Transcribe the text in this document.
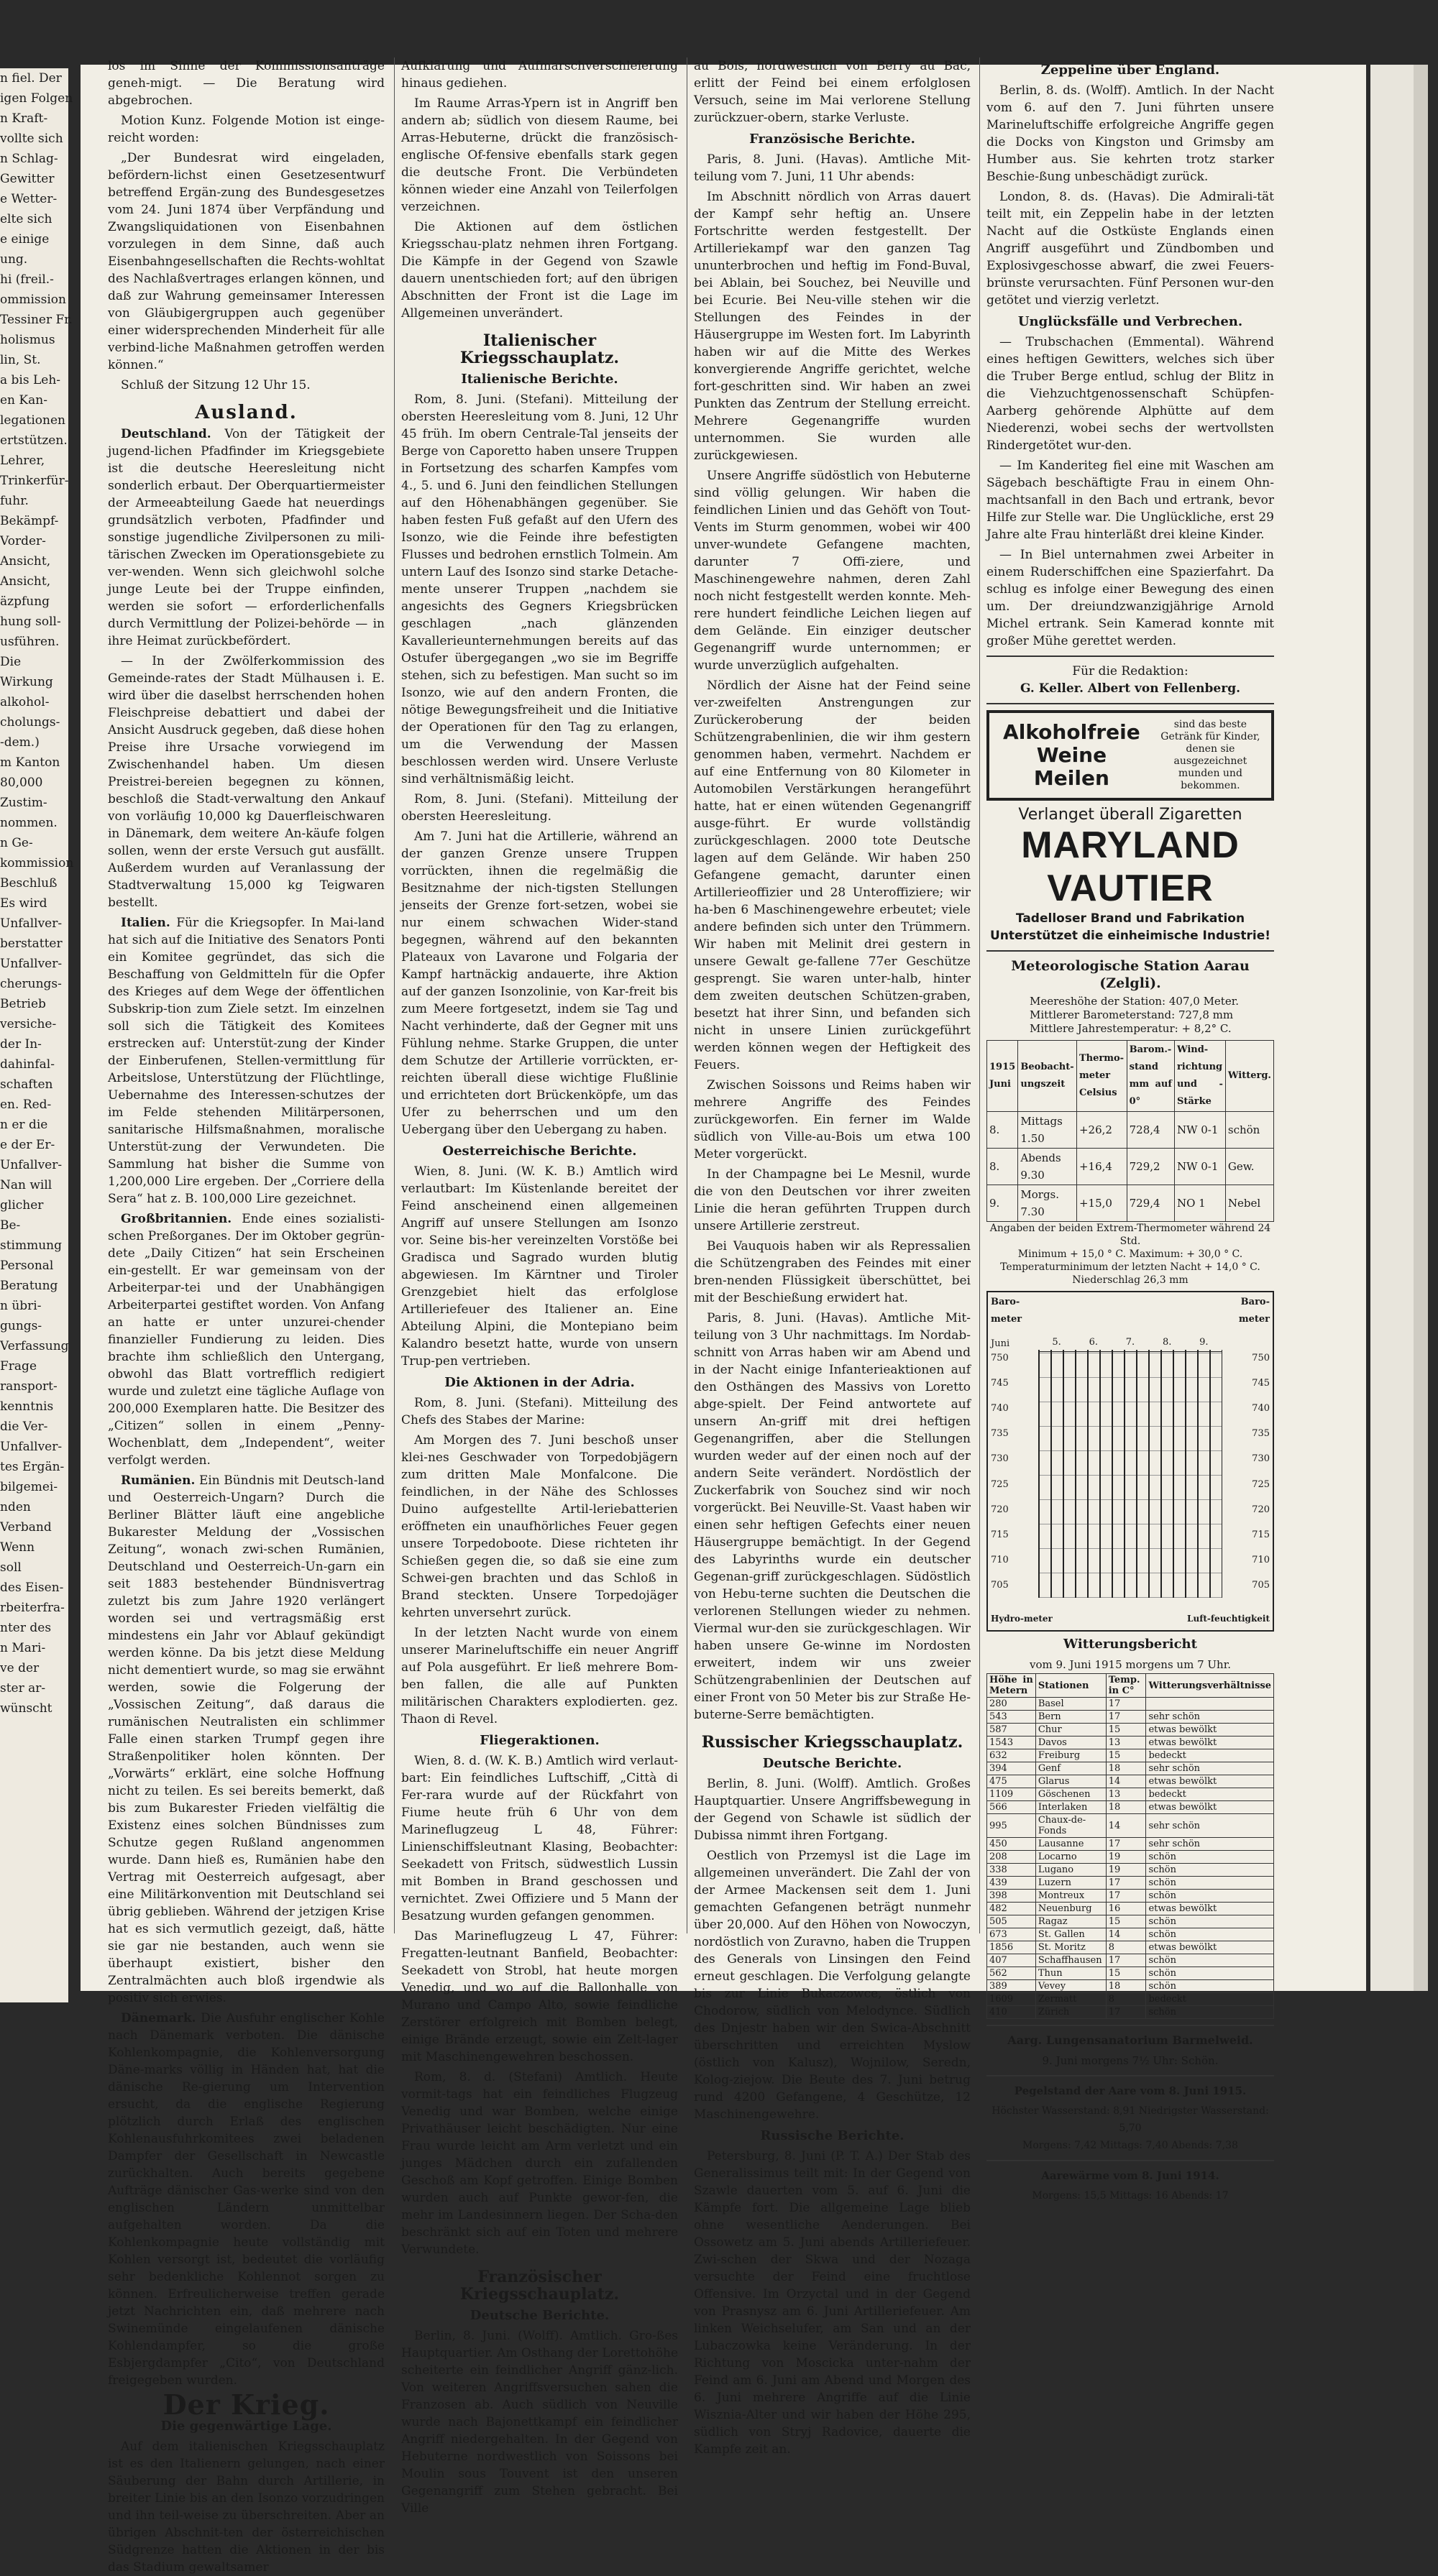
n fiel. Der

igen Folgen

n Kraft-

vollte sich

n Schlag-

Gewitter

e Wetter-

elte sich

e einige

ung.

hi (freil.-

ommission

Tessiner Fr.

holismus

lin, St.

a bis Leh-

en Kan-

legationen

ertstützen.

Lehrer,

Trinkerfür-

fuhr.

Bekämpf-

Vorder-

Ansicht,

Ansicht,

äzpfung

hung soll-

usführen.

Die

Wirkung

alkohol-

cholungs-

-dem.)

m Kanton

80,000

Zustim-

nommen.

n Ge-

kommission

Beschluß

Es wird

Unfallver-

berstatter

Unfallver-

cherungs-

Betrieb

versiche-

der In-

dahinfal-

schaften

en. Red-

n er die

e der Er-

Unfallver-

Nan will

glicher

Be-

stimmung

Personal

Beratung

n übri-

gungs-

Verfassung

Frage

ransport-

kenntnis

die Ver-

Unfallver-

tes Ergän-

bilgemei-

nden

Verband

Wenn

soll

des Eisen-

rbeiterfra-

nter des

n Mari-

ve der

ster ar-

wünscht

los im Sinne der Kommissionsanträge geneh-migt. — Die Beratung wird abgebrochen.

Motion Kunz. Folgende Motion ist einge-reicht worden:

„Der Bundesrat wird eingeladen, befördern-lichst einen Gesetzesentwurf betreffend Ergän-zung des Bundesgesetzes vom 24. Juni 1874 über Verpfändung und Zwangsliquidationen von Eisenbahnen vorzulegen in dem Sinne, daß auch Eisenbahngesellschaften die Rechts-wohltat des Nachlaßvertrages erlangen können, und daß zur Wahrung gemeinsamer Interessen von Gläubigergruppen auch gegenüber einer widersprechenden Minderheit für alle verbind-liche Maßnahmen getroffen werden können.“

Schluß der Sitzung 12 Uhr 15.

Ausland.

Deutschland. Von der Tätigkeit der jugend-lichen Pfadfinder im Kriegsgebiete ist die deutsche Heeresleitung nicht sonderlich erbaut. Der Oberquartiermeister der Armeeabteilung Gaede hat neuerdings grundsätzlich verboten, Pfadfinder und sonstige jugendliche Zivilpersonen zu mili-tärischen Zwecken im Operationsgebiete zu ver-wenden. Wenn sich gleichwohl solche junge Leute bei der Truppe einfinden, werden sie sofort — erforderlichenfalls durch Vermittlung der Polizei-behörde — in ihre Heimat zurückbefördert.

— In der Zwölferkommission des Gemeinde-rates der Stadt Mülhausen i. E. wird über die daselbst herrschenden hohen Fleischpreise debattiert und dabei der Ansicht Ausdruck gegeben, daß diese hohen Preise ihre Ursache vorwiegend im Zwischenhandel haben. Um diesen Preistrei-bereien begegnen zu können, beschloß die Stadt-verwaltung den Ankauf von vorläufig 10,000 kg Dauerfleischwaren in Dänemark, dem weitere An-käufe folgen sollen, wenn der erste Versuch gut ausfällt. Außerdem wurden auf Veranlassung der Stadtverwaltung 15,000 kg Teigwaren bestellt.

Italien. Für die Kriegsopfer. In Mai-land hat sich auf die Initiative des Senators Ponti ein Komitee gegründet, das sich die Beschaffung von Geldmitteln für die Opfer des Krieges auf dem Wege der öffentlichen Subskrip-tion zum Ziele setzt. Im einzelnen soll sich die Tätigkeit des Komitees erstrecken auf: Unterstüt-zung der Kinder der Einberufenen, Stellen-vermittlung für Arbeitslose, Unterstützung der Flüchtlinge, Uebernahme des Interessen-schutzes der im Felde stehenden Militärpersonen, sanitarische Hilfsmaßnahmen, moralische Unterstüt-zung der Verwundeten. Die Sammlung hat bisher die Summe von 1,200,000 Lire ergeben. Der „Corriere della Sera“ hat z. B. 100,000 Lire gezeichnet.

Großbritannien. Ende eines sozialisti-schen Preßorganes. Der im Oktober gegrün-dete „Daily Citizen“ hat sein Erscheinen ein-gestellt. Er war gemeinsam von der Arbeiterpar-tei und der Unabhängigen Arbeiterpartei gestiftet worden. Von Anfang an hatte er unter unzurei-chender finanzieller Fundierung zu leiden. Dies brachte ihm schließlich den Untergang, obwohl das Blatt vortrefflich redigiert wurde und zuletzt eine tägliche Auflage von 200,000 Exemplaren hatte. Die Besitzer des „Citizen“ sollen in einem „Penny-Wochenblatt, dem „Independent“, weiter verfolgt werden.

Rumänien. Ein Bündnis mit Deutsch-land und Oesterreich-Ungarn? Durch die Berliner Blätter läuft eine angebliche Bukarester Meldung der „Vossischen Zeitung“, wonach zwi-schen Rumänien, Deutschland und Oesterreich-Un-garn ein seit 1883 bestehender Bündnisvertrag zuletzt bis zum Jahre 1920 verlängert worden sei und vertragsmäßig erst mindestens ein Jahr vor Ablauf gekündigt werden könne. Da bis jetzt diese Meldung nicht dementiert wurde, so mag sie erwähnt werden, sowie die Folgerung der „Vossischen Zeitung“, daß daraus die rumänischen Neutralisten ein schlimmer Falle einen starken Trumpf gegen ihre Straßenpolitiker holen könnten. Der „Vorwärts“ erklärt, eine solche Hoffnung nicht zu teilen. Es sei bereits bemerkt, daß bis zum Bukarester Frieden vielfältig die Existenz eines solchen Bündnisses zum Schutze gegen Rußland angenommen wurde. Dann hieß es, Rumänien habe den Vertrag mit Oesterreich aufgesagt, aber eine Militärkonvention mit Deutschland sei übrig geblieben. Während der jetzigen Krise hat es sich vermutlich gezeigt, daß, hätte sie gar nie bestanden, auch wenn sie überhaupt existiert, bisher den Zentralmächten auch bloß irgendwie als positiv sich erwies.

Dänemark. Die Ausfuhr englischer Kohle nach Dänemark verboten. Die dänische Kohlenkompagnie, die Kohlenversorgung Däne-marks völlig in Händen hat, hat die dänische Re-gierung um Intervention ersucht, da die englische Regierung plötzlich durch Erlaß des englischen Kohlenausfuhrkomitees zwei beladenen Dampfer der Gesellschaft in Newcastle zurückhalten. Auch bereits gegebene Aufträge dänischer Gas-werke sind von den englischen Ländern unmittelbar aufgehalten worden. Da die Kohlenkompagnie heute vollständig mit Kohlen versorgt ist, bedeutet die vorläufig sehr bedenkliche Kohlennot sorgen zu können. Erfreulicherweise treffen gerade jetzt Nachrichten ein, daß mehrere nach Swinemünde eingelaufenen dänische Kohlendampfer, so die große Esbjergdampfer „Cito“, von Deutschland freigegeben wurden.

Der Krieg.
Die gegenwärtige Lage.

Auf dem italienischen Kriegsschauplatz ist es den Italienern gelungen, nach einer Säuberung der Bahn durch Artillerie, in breiter Linie bis an den Isonzo vorzudringen und ihn teil-weise zu überschreiten. Aber an übrigen Abschnit-ten der österreichischen Südgrenze hatten die Aktionen in der bis das Stadium gewaltsamer

Aufklärung und Aufmarschverschleierung hinaus gediehen.

Im Raume Arras-Ypern ist in Angriff ben andern ab; südlich von diesem Raume, bei Arras-Hebuterne, drückt die französisch-englische Of-fensive ebenfalls stark gegen die deutsche Front. Die Verbündeten können wieder eine Anzahl von Teilerfolgen verzeichnen.

Die Aktionen auf dem östlichen Kriegsschau-platz nehmen ihren Fortgang. Die Kämpfe in der Gegend von Szawle dauern unentschieden fort; auf den übrigen Abschnitten der Front ist die Lage im Allgemeinen unverändert.

Italienischer Kriegsschauplatz.
Italienische Berichte.

Rom, 8. Juni. (Stefani). Mitteilung der obersten Heeresleitung vom 8. Juni, 12 Uhr 45 früh. Im obern Centrale-Tal jenseits der Berge von Caporetto haben unsere Truppen in Fortsetzung des scharfen Kampfes vom 4., 5. und 6. Juni den feindlichen Stellungen auf den Höhenabhängen gegenüber. Sie haben festen Fuß gefaßt auf den Ufern des Isonzo, wie die Feinde ihre befestigten Flusses und bedrohen ernstlich Tolmein. Am untern Lauf des Isonzo sind starke Detache-mente unserer Truppen „nachdem sie angesichts des Gegners Kriegsbrücken geschlagen „nach glänzenden Kavallerieunternehmungen bereits auf das Ostufer übergegangen „wo sie im Begriffe stehen, sich zu befestigen. Man sucht so im Isonzo, wie auf den andern Fronten, die nötige Bewegungsfreiheit und die Initiative der Operationen für den Tag zu erlangen, um die Verwendung der Massen beschlossen werden wird. Unsere Verluste sind verhältnismäßig leicht.

Rom, 8. Juni. (Stefani). Mitteilung der obersten Heeresleitung.

Am 7. Juni hat die Artillerie, während an der ganzen Grenze unsere Truppen vorrückten, ihnen die regelmäßig die Besitznahme der nich-tigsten Stellungen jenseits der Grenze fort-setzen, wobei sie nur einem schwachen Wider-stand begegnen, während auf den bekannten Plateaux von Lavarone und Folgaria der Kampf hartnäckig andauerte, ihre Aktion auf der ganzen Isonzolinie, von Kar-freit bis zum Meere fortgesetzt, indem sie Tag und Nacht verhinderte, daß der Gegner mit uns Fühlung nehme. Starke Gruppen, die unter dem Schutze der Artillerie vorrückten, er-reichten überall diese wichtige Flußlinie und errichteten dort Brückenköpfe, um das Ufer zu beherrschen und um den Uebergang über den Uebergang zu haben.

Oesterreichische Berichte.

Wien, 8. Juni. (W. K. B.) Amtlich wird verlautbart: Im Küstenlande bereitet der Feind anscheinend einen allgemeinen Angriff auf unsere Stellungen am Isonzo vor. Seine bis-her vereinzelten Vorstöße bei Gradisca und Sagrado wurden blutig abgewiesen. Im Kärntner und Tiroler Grenzgebiet hielt das erfolglose Artilleriefeuer des Italiener an. Eine Abteilung Alpini, die Montepiano beim Kalandro besetzt hatte, wurde von unsern Trup-pen vertrieben.

Die Aktionen in der Adria.

Rom, 8. Juni. (Stefani). Mitteilung des Chefs des Stabes der Marine:

Am Morgen des 7. Juni beschoß unser klei-nes Geschwader von Torpedobjägern zum dritten Male Monfalcone. Die feindlichen, in der Nähe des Schlosses Duino aufgestellte Artil-leriebatterien eröffneten ein unaufhörliches Feuer gegen unsere Torpedoboote. Diese richteten ihr Schießen gegen die, so daß sie eine zum Schwei-gen brachten und das Schloß in Brand steckten. Unsere Torpedojäger kehrten unversehrt zurück.

In der letzten Nacht wurde von einem unserer Marineluftschiffe ein neuer Angriff auf Pola ausgeführt. Er ließ mehrere Bom-ben fallen, die alle auf Punkten militärischen Charakters explodierten. gez. Thaon di Revel.

Fliegeraktionen.

Wien, 8. d. (W. K. B.) Amtlich wird verlaut-bart: Ein feindliches Luftschiff, „Città di Fer-rara wurde auf der Rückfahrt von Fiume heute früh 6 Uhr von dem Marineflugzeug L 48, Führer: Linienschiffsleutnant Klasing, Beobachter: Seekadett von Fritsch, südwestlich Lussin mit Bomben in Brand geschossen und vernichtet. Zwei Offiziere und 5 Mann der Besatzung wurden gefangen genommen.

Das Marineflugzeug L 47, Führer: Fregatten-leutnant Banfield, Beobachter: Seekadett von Strobl, hat heute morgen Venedig, und wo auf die Ballonhalle von Murano und Campo Alto, sowie feindliche Zerstörer erfolgreich mit Bomben belegt, einige Brände erzeugt, sowie ein Zelt-lager mit Maschinengewehren beschossen.

Rom, 8. d. (Stefani) Amtlich. Heute vormit-tags hat ein feindliches Flugzeug Venedig und war Bomben, welche einige Privathäuser leicht beschädigten. Nur eine Frau wurde leicht am Arm verletzt und ein junges Mädchen durch ein zufallenden Geschoß am Kopf getroffen. Einige Bomben wurden auch auf Punkte gewor-fen, die mehr im Landesinnern liegen. Der Scha-den beschränkt sich auf ein Toten und mehrere Verwundete.

Französischer Kriegsschauplatz.
Deutsche Berichte.

Berlin, 8. Juni. (Wolff). Amtlich. Gro-ßes Hauptquartier. Am Osthang der Lorettohöhe scheiterte ein feindlicher Angriff gänz-lich. Von weiteren Angriffsversuchen sahen die Franzosen ab. Auch südlich von Neuville wurde nach Bajonettkampf ein feindlicher Angriff niedergehalten. In der Gegend von Hebuterne nordwestlich von Soissons bei Moulin sous Touvent ist den unseren Gegenangriff zum Stehen gebracht. Bei Ville

au Bois, nordwestlich von Berry au Bac, erlitt der Feind bei einem erfolglosen Versuch, seine im Mai verlorene Stellung zurückzuer-obern, starke Verluste.

Französische Berichte.

Paris, 8. Juni. (Havas). Amtliche Mit-teilung vom 7. Juni, 11 Uhr abends:

Im Abschnitt nördlich von Arras dauert der Kampf sehr heftig an. Unsere Fortschritte werden festgestellt. Der Artilleriekampf war den ganzen Tag ununterbrochen und heftig im Fond-Buval, bei Ablain, bei Souchez, bei Neuville und bei Ecurie. Bei Neu-ville stehen wir die Stellungen des Feindes in der Häusergruppe im Westen fort. Im Labyrinth haben wir auf die Mitte des Werkes konvergierende Angriffe gerichtet, welche fort-geschritten sind. Wir haben an zwei Punkten das Zentrum der Stellung erreicht. Mehrere Gegenangriffe wurden unternommen. Sie wurden alle zurückgewiesen.

Unsere Angriffe südöstlich von Hebuterne sind völlig gelungen. Wir haben die feindlichen Linien und das Gehöft von Tout-Vents im Sturm genommen, wobei wir 400 unver-wundete Gefangene machten, darunter 7 Offi-ziere, und Maschinengewehre nahmen, deren Zahl noch nicht festgestellt werden konnte. Meh-rere hundert feindliche Leichen liegen auf dem Gelände. Ein einziger deutscher Gegenangriff wurde unternommen; er wurde unverzüglich aufgehalten.

Nördlich der Aisne hat der Feind seine ver-zweifelten Anstrengungen zur Zurückeroberung der beiden Schützengrabenlinien, die wir ihm gestern genommen haben, vermehrt. Nachdem er auf eine Entfernung von 80 Kilometer in Automobilen Verstärkungen herangeführt hatte, hat er einen wütenden Gegenangriff ausge-führt. Er wurde vollständig zurückgeschlagen. 2000 tote Deutsche lagen auf dem Gelände. Wir haben 250 Gefangene gemacht, darunter einen Artillerieoffizier und 28 Unteroffiziere; wir ha-ben 6 Maschinengewehre erbeutet; viele andere befinden sich unter den Trümmern. Wir haben mit Melinit drei gestern in unsere Gewalt ge-fallene 77er Geschütze gesprengt. Sie waren unter-halb, hinter dem zweiten deutschen Schützen-graben, besetzt hat ihrer Sinn, und befanden sich nicht in unsere Linien zurückgeführt werden können wegen der Heftigkeit des Feuers.

Zwischen Soissons und Reims haben wir mehrere Angriffe des Feindes zurückgeworfen. Ein ferner im Walde südlich von Ville-au-Bois um etwa 100 Meter vorgerückt.

In der Champagne bei Le Mesnil, wurde die von den Deutschen vor ihrer zweiten Linie die heran geführten Truppen durch unsere Artillerie zerstreut.

Bei Vauquois haben wir als Repressalien die Schützengraben des Feindes mit einer bren-nenden Flüssigkeit überschüttet, bei mit der Beschießung erwidert hat.

Paris, 8. Juni. (Havas). Amtliche Mit-teilung von 3 Uhr nachmittags. Im Nordab-schnitt von Arras haben wir am Abend und in der Nacht einige Infanterieaktionen auf den Osthängen des Massivs von Loretto abge-spielt. Der Feind antwortete auf unsern An-griff mit drei heftigen Gegenangriffen, aber die Stellungen wurden weder auf der einen noch auf der andern Seite verändert. Nordöstlich der Zuckerfabrik von Souchez sind wir noch vorgerückt. Bei Neuville-St. Vaast haben wir einen sehr heftigen Gefechts einer neuen Häusergruppe bemächtigt. In der Gegend des Labyrinths wurde ein deutscher Gegenan-griff zurückgeschlagen. Südöstlich von Hebu-terne suchten die Deutschen die verlorenen Stellungen wieder zu nehmen. Viermal wur-den sie zurückgeschlagen. Wir haben unsere Ge-winne im Nordosten erweitert, indem wir uns zweier Schützengrabenlinien der Deutschen auf einer Front von 50 Meter bis zur Straße He-buterne-Serre bemächtigten.

Russischer Kriegsschauplatz.
Deutsche Berichte.

Berlin, 8. Juni. (Wolff). Amtlich. Großes Hauptquartier. Unsere Angriffsbewegung in der Gegend von Schawle ist südlich der Dubissa nimmt ihren Fortgang.

Oestlich von Przemysl ist die Lage im allgemeinen unverändert. Die Zahl der von der Armee Mackensen seit dem 1. Juni gemachten Gefangenen beträgt nunmehr über 20,000. Auf den Höhen von Nowoczyn, nordöstlich von Zuravno, haben die Truppen des Generals von Linsingen den Feind erneut geschlagen. Die Verfolgung gelangte bis zur Linie Bukaczowce, östlich von Chodorow, südlich von Melodynce. Südlich des Dnjestr haben wir den Swica-Abschnitt überschritten und erreichten Myslow (östlich von Kalusz), Wojnilow, Seredn, Kolog-ziejow. Die Beute des 7. Juni betrug rund 4200 Gefangene, 4 Geschütze, 12 Maschinengewehre.

Russische Berichte.

Petersburg, 8. Juni (P. T. A.) Der Stab des Generalissimus teilt mit: In der Gegend von Szawle dauerten vom 5. auf 6. Juni die Kämpfe fort. Die allgemeine Lage blieb ohne wesentliche Aenderungen. Bei Ossowetz am 5. Juni abends Artilleriefeuer. Zwi-schen der Skwa und der Nozaga versuchte der Feind eine fruchtlose Offensive. Im Orzyctal und in der Gegend von Prasnysz am 6. Juni Artilleriefeuer. Am linken Weichselufer, am San und an der Lubaczowka keine Veränderung. In der Richtung von Moscicka unter-nahm der Feind am 6. Juni am Abend und Morgen des 6. Juni mehrere Angriffe auf die Linie Wisznia-Alter und wir haben der Höhe 295, südlich von Stryj Radovice, dauerte die Kampfe zeit an.

Zeppeline über England.

Berlin, 8. ds. (Wolff). Amtlich. In der Nacht vom 6. auf den 7. Juni führten unsere Marineluftschiffe erfolgreiche Angriffe gegen die Docks von Kingston und Grimsby am Humber aus. Sie kehrten trotz starker Beschie-ßung unbeschädigt zurück.

London, 8. ds. (Havas). Die Admirali-tät teilt mit, ein Zeppelin habe in der letzten Nacht auf die Ostküste Englands einen Angriff ausgeführt und Zündbomben und Explosivgeschosse abwarf, die zwei Feuers-brünste verursachten. Fünf Personen wur-den getötet und vierzig verletzt.

Unglücksfälle und Verbrechen.

— Trubschachen (Emmental). Während eines heftigen Gewitters, welches sich über die Truber Berge entlud, schlug der Blitz in die Viehzuchtgenossenschaft Schüpfen-Aarberg gehörende Alphütte auf dem Niederenzi, wobei sechs der wertvollsten Rindergetötet wur-den.

— Im Kanderiteg fiel eine mit Waschen am Sägebach beschäftigte Frau in einem Ohn-machtsanfall in den Bach und ertrank, bevor Hilfe zur Stelle war. Die Unglückliche, erst 29 Jahre alte Frau hinterläßt drei kleine Kinder.

— In Biel unternahmen zwei Arbeiter in einem Ruderschiffchen eine Spazierfahrt. Da schlug es infolge einer Bewegung des einen um. Der dreiundzwanzigjährige Arnold Michel ertrank. Sein Kamerad konnte mit großer Mühe gerettet werden.

Für die Redaktion:
G. Keller. Albert von Fellenberg.
Alkoholfreie Weine Meilen
sind das beste Getränk für Kinder, denen sie ausgezeichnet munden und bekommen.
Verlanget überall Zigaretten
MARYLAND VAUTIER
Tadelloser Brand und Fabrikation
Unterstützet die einheimische Industrie!
Meteorologische Station Aarau (Zelgli).
Meereshöhe der Station: 407,0 Meter.
Mittlerer Barometerstand: 727,8 mm
Mittlere Jahrestemperatur: + 8,2° C.
1915 Juni	Beobacht-ungszeit	Thermo-meter Celsius	Barom.-stand mm auf 0°	Wind-richtung und -Stärke	Witterg.
8.	Mittags 1.50	+26,2	728,4	NW 0-1	schön
8.	Abends 9.30	+16,4	729,2	NW 0-1	Gew.
9.	Morgs. 7.30	+15,0	729,4	NO 1	Nebel
Angaben der beiden Extrem-Thermometer während 24 Std.
Minimum + 15,0 ° C. Maximum: + 30,0 ° C.
Temperaturminimum der letzten Nacht + 14,0 ° C.
Niederschlag 26,3 mm
Baro-meter
Baro-meter
Juni	5.	6.	7.	8.	9.
750
745
740
735
730
725
720
715
710
705
750
745
740
735
730
725
720
715
710
705
Hydro-meter	Luft-feuchtigkeit
Witterungsbericht
vom 9. Juni 1915 morgens um 7 Uhr.
Höhe in Metern	Stationen	Temp. in C°	Witterungsverhältnisse
280	Basel	17	
543	Bern	17	sehr schön
587	Chur	15	etwas bewölkt
1543	Davos	13	etwas bewölkt
632	Freiburg	15	bedeckt
394	Genf	18	sehr schön
475	Glarus	14	etwas bewölkt
1109	Göschenen	13	bedeckt
566	Interlaken	18	etwas bewölkt
995	Chaux-de-Fonds	14	sehr schön
450	Lausanne	17	sehr schön
208	Locarno	19	schön
338	Lugano	19	schön
439	Luzern	17	schön
398	Montreux	17	schön
482	Neuenburg	16	etwas bewölkt
505	Ragaz	15	schön
673	St. Gallen	14	schön
1856	St. Moritz	8	etwas bewölkt
407	Schaffhausen	17	schön
562	Thun	15	schön
389	Vevey	18	schön
1609	Zermatt	8	bedeckt
410	Zürich	17	schön
Aarg. Lungensanatorium Barmelweid.
9. Juni morgens 7½ Uhr: Schön.
Pegelstand der Aare vom 8. Juni 1915.
Höchster Wasserstand: 8,91 Niedrigster Wasserstand: 5,70
Morgens: 7,42 Mittags: 7,40 Abends: 7,38
Aarewärme vom 8. Juni 1914.
Morgens: 15,5 Mittags: 16 Abends: 17
